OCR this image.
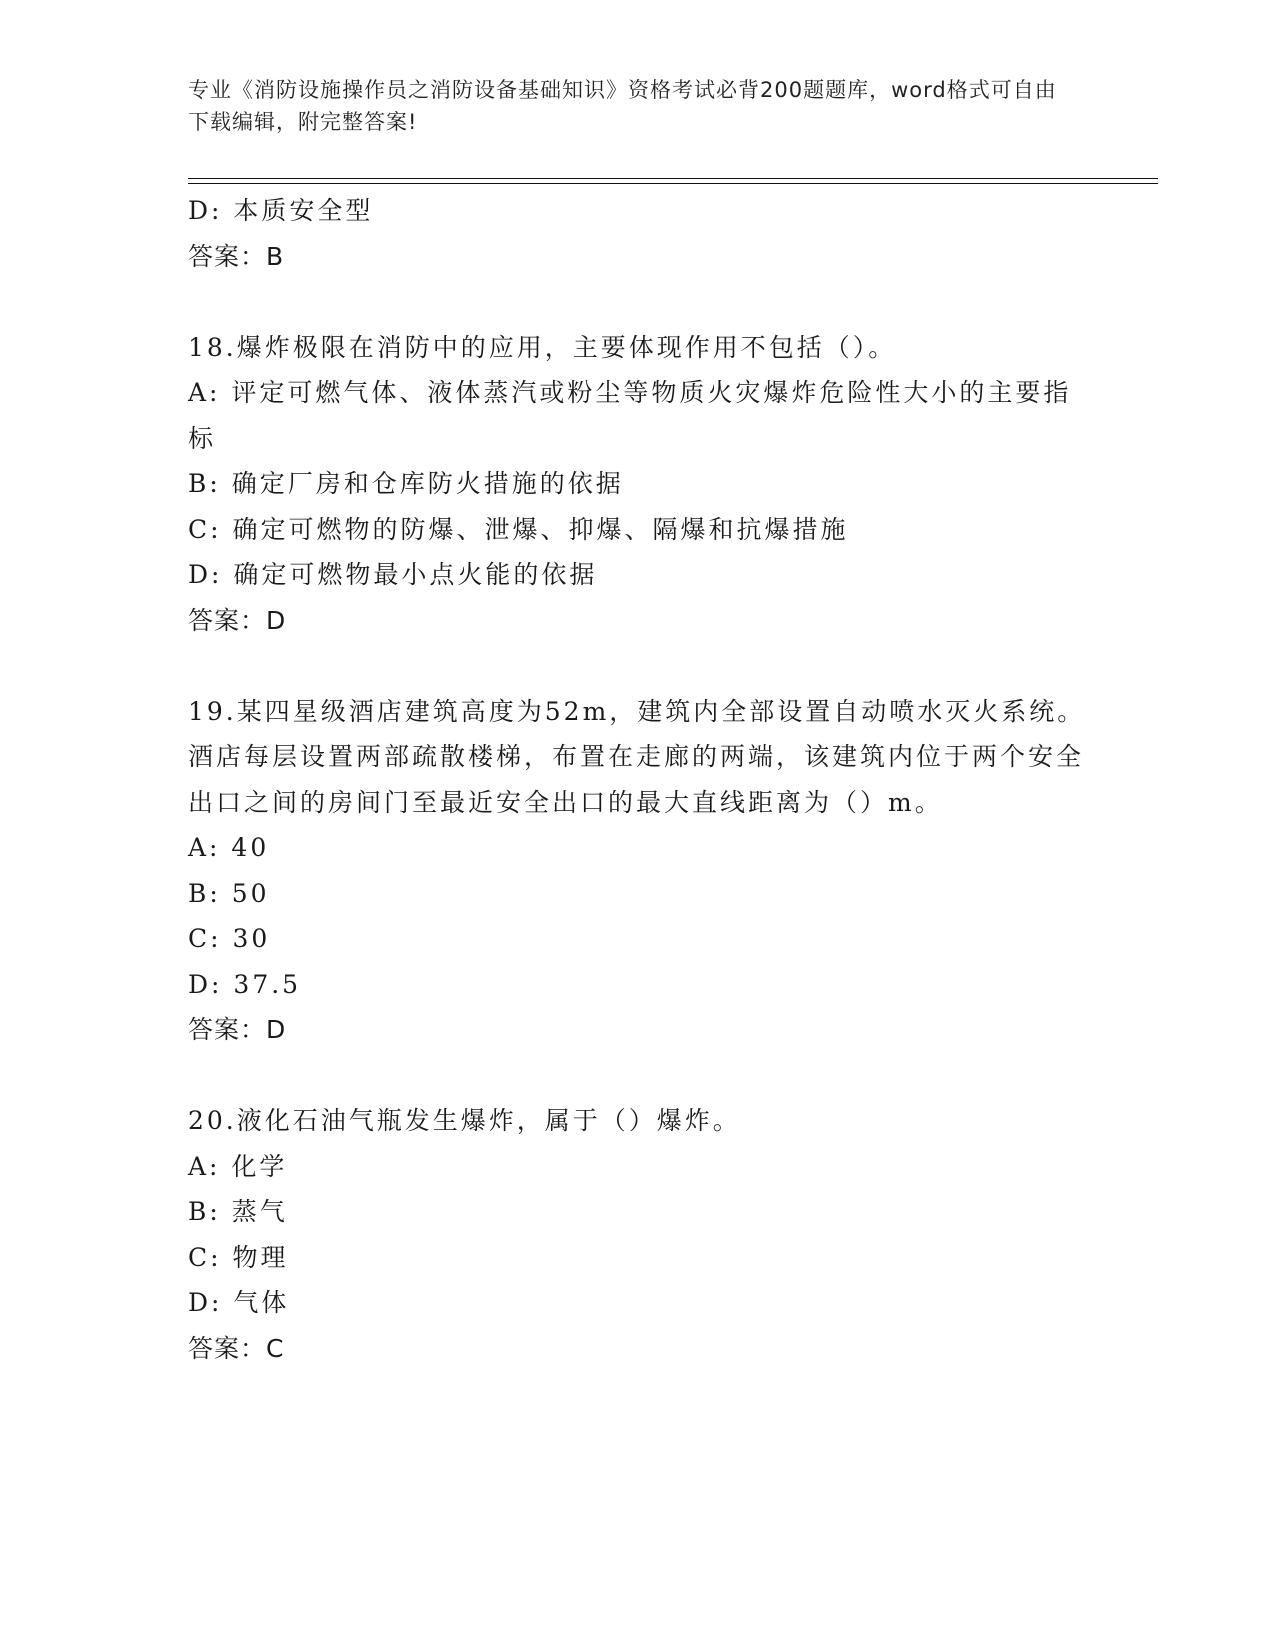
专业《消防设施操作员之消防设备基础知识》资格考试必背200题题库，word格式可自由下载编辑，附完整答案!
D: 本质安全型
答案：B
18.爆炸极限在消防中的应用，主要体现作用不包括（）。
A: 评定可燃气体、液体蒸汽或粉尘等物质火灾爆炸危险性大小的主要指标
B: 确定厂房和仓库防火措施的依据
C: 确定可燃物的防爆、泄爆、抑爆、隔爆和抗爆措施
D: 确定可燃物最小点火能的依据
答案：D
19.某四星级酒店建筑高度为52m，建筑内全部设置自动喷水灭火系统。酒店每层设置两部疏散楼梯，布置在走廊的两端，该建筑内位于两个安全出口之间的房间门至最近安全出口的最大直线距离为（）m。
A: 40
B: 50
C: 30
D: 37.5
答案：D
20.液化石油气瓶发生爆炸，属于（）爆炸。
A: 化学
B: 蒸气
C: 物理
D: 气体
答案：C
